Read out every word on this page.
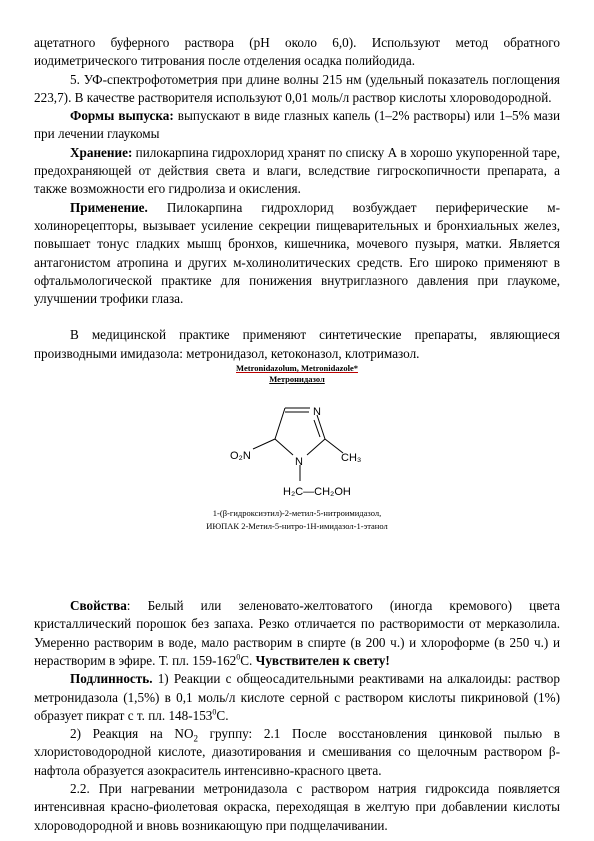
ацетатного буферного раствора (pH около 6,0). Используют метод обратного иодиметрического титрования после отделения осадка полийодида.

5. УФ-спектрофотометрия при длине волны 215 нм (удельный показатель поглощения 223,7). В качестве растворителя используют 0,01 моль/л раствор кислоты хлороводородной.

Формы выпуска: выпускают в виде глазных капель (1–2% растворы) или 1–5% мази при лечении глаукомы

Хранение: пилокарпина гидрохлорид хранят по списку А в хорошо укупоренной таре, предохраняющей от действия света и влаги, вследствие гигроскопичности препарата, а также возможности его гидролиза и окисления.

Применение. Пилокарпина гидрохлорид возбуждает периферические м-холинорецепторы, вызывает усиление секреции пищеварительных и бронхиальных желез, повышает тонус гладких мышц бронхов, кишечника, мочевого пузыря, матки. Является антагонистом атропина и других м-холинолитических средств. Его широко применяют в офтальмологической практике для понижения внутриглазного давления при глаукоме, улучшении трофики глаза.

В медицинской практике применяют синтетические препараты, являющиеся производными имидазола: метронидазол, кетоконазол, клотримазол.

Metronidazolum, Metronidazole*
Метронидазол
N
N
O₂N	CH₃
H₂C—CH₂OH
1-(β-гидроксиэтил)-2-метил-5-нитроимидазол,
ИЮПАК 2-Метил-5-нитро-1Н-имидазол-1-этанол

Свойства: Белый или зеленовато-желтоватого (иногда кремового) цвета кристаллический порошок без запаха. Резко отличается по растворимости от мерказолила. Умеренно растворим в воде, мало растворим в спирте (в 200 ч.) и хлороформе (в 250 ч.) и нерастворим в эфире. Т. пл. $159-162^0С$. Чувствителен к свету!

Подлинность. 1) Реакции с общеосадительными реактивами на алкалоиды: раствор метронидазола (1,5%) в 0,1 моль/л кислоте серной с раствором кислоты пикриновой (1%) образует пикрат с т. пл. $148-153^0С$.

2) Реакция на $NO_2$ группу: 2.1 После восстановления цинковой пылью в хлористоводородной кислоте, диазотирования и смешивания со щелочным раствором β-нафтола образуется азокраситель интенсивно-красного цвета.

2.2. При нагревании метронидазола с раствором натрия гидроксида появляется интенсивная красно-фиолетовая окраска, переходящая в желтую при добавлении кислоты хлороводородной и вновь возникающую при подщелачивании.
